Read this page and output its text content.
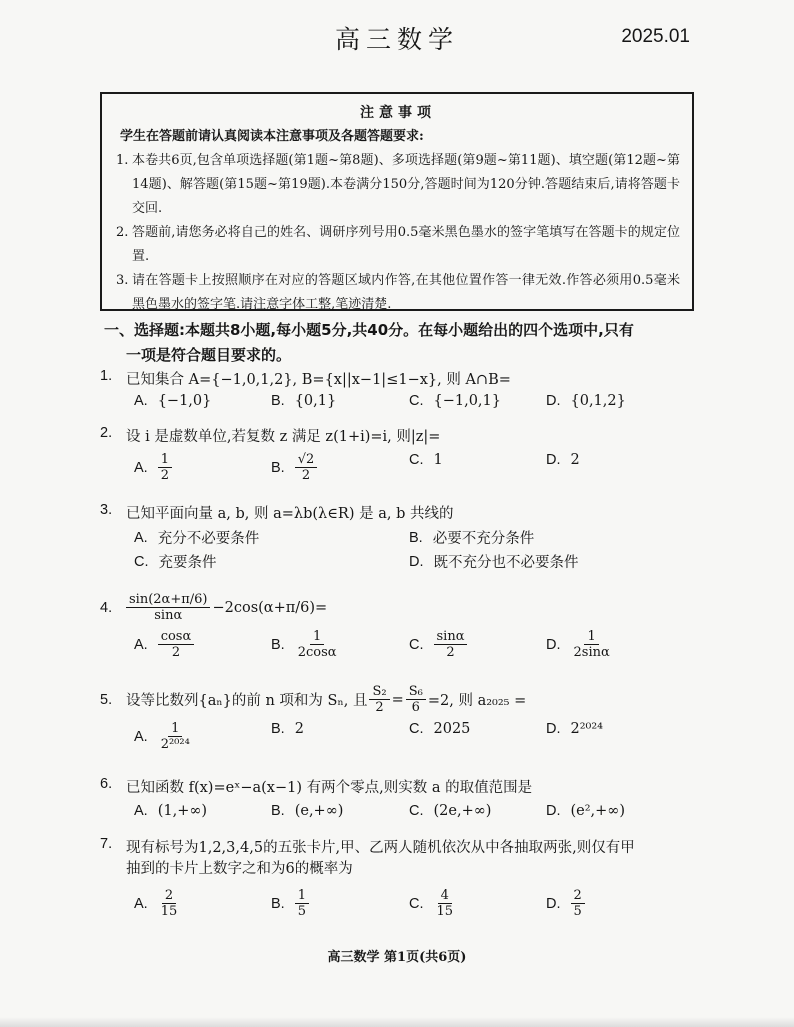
高三数学	2025.01
注意事项
学生在答题前请认真阅读本注意事项及各题答题要求:
1. 本卷共6页,包含单项选择题(第1题~第8题)、多项选择题(第9题~第11题)、填空题(第12题~第14题)、解答题(第15题~第19题).本卷满分150分,答题时间为120分钟.答题结束后,请将答题卡交回.
2. 答题前,请您务必将自己的姓名、调研序列号用0.5毫米黑色墨水的签字笔填写在答题卡的规定位置.
3. 请在答题卡上按照顺序在对应的答题区域内作答,在其他位置作答一律无效.作答必须用0.5毫米黑色墨水的签字笔.请注意字体工整,笔迹清楚.
一、选择题:本题共8小题,每小题5分,共40分。在每小题给出的四个选项中,只有
一项是符合题目要求的。
1. 已知集合 A={−1,0,1,2}, B={x||x−1|≤1−x}, 则 A∩B=
A. {−1,0}	B. {0,1}	C. {−1,0,1}	D. {0,1,2}
2. 设 i 是虚数单位,若复数 z 满足 z(1+i)=i, 则|z|=
A. $\frac{1}{2}$	B. $\frac{√2}{2}$	C. 1	D. 2
3. 已知平面向量 a, b, 则 a=λb(λ∈R) 是 a, b 共线的
A. 充分不必要条件	B. 必要不充分条件
C. 充要条件	D. 既不充分也不必要条件
4.	$\frac{\sin(2\alpha+\pi/6)}{\sin\alpha} -2\cos(\alpha+\pi/6)=$
A. $\frac{\cos\alpha}{2}$	B. $\frac{1}{2\cos\alpha}$	C. $\frac{\sin\alpha}{2}$	D. $\frac{1}{2\sin\alpha}$
5. 设等比数列{aₙ}的前 n 项和为 Sₙ, 且 $\frac{\text{S₂}}{2} = \frac{\text{S₆}}{6} =2$, 则 a₂₀₂₅ =
A. $\frac{1}{\text{2²⁰²⁴}}$	B. 2	C. 2025	D. 2²⁰²⁴
6. 已知函数 f(x)=eˣ−a(x−1) 有两个零点,则实数 a 的取值范围是
A. (1,+∞)	B. (e,+∞)	C. (2e,+∞)	D. (e²,+∞)
7. 现有标号为1,2,3,4,5的五张卡片,甲、乙两人随机依次从中各抽取两张,则仅有甲
抽到的卡片上数字之和为6的概率为
A. $\frac{2}{15}$	B. $\frac{1}{5}$	C. $\frac{4}{15}$	D. $\frac{2}{5}$
高三数学 第1页(共6页)
